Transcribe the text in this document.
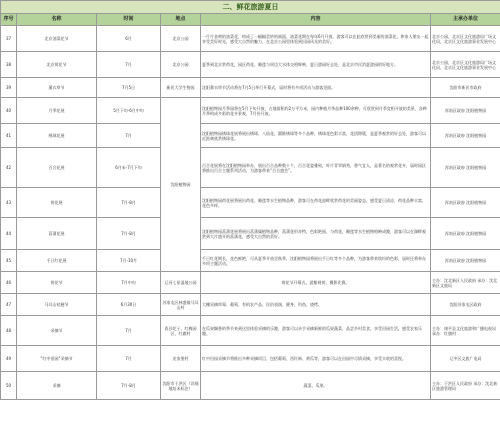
二、鲜花旅游夏日					
序号	名称	时间	地点	内容	主承办单位
37	北京油菜花节	6月	北京公园	一片片金黄的油菜花，构成了一幅幅美妙的画面，油菜花期在每年6月开放，游客可以在此欣赏到美丽的油菜花，和家人朋友一起享受美好时光，感受大自然的魅力，在北京公园里体验到田园风光的美好。	北京公园，北京区文化旅游局广场文化局，北京区文化旅游事业发展中心
38	北京荷花节	7月	北京公园	夏季到北京赏荷花，园区荷花、睡莲与周边大水体交相辉映，夏日游园好去处，是北京市民消夏游园的好地方。	北京公园，北京区文化旅游局广场文化局，北京区文化旅游事业发展中心
39	薰衣草节	7月5日	新民大学生物园	沈阳薰衣草节活动将在7月5日举行开幕式，届时将有多项活动与游客见面。	沈阳市新民市政府
40	月季花展	5月下旬-6月中旬	沈阳植物园	沈阳植物园月季园将在5月下旬开放，占地面积约2万平方米，园内种植月季品种100余种，可欣赏到月季竞相开放的美景，各种月季构成多彩的花卉景观，7月份开放。	浑南区政府 沈阳植物园
41	绣球花展	7月		沈阳植物园绣球花展将展出绣球、八仙花、圆锥绣球等多个品种，绣球花色彩丰富，花团锦簇，是夏季观赏的好去处，游客可以近距离欣赏绣球花。	浑南区政府 沈阳植物园
42	百合花展	6月末-7月下旬		百合花展将在沈阳植物园举办，展出百合品种数十个，百合花姿雅致，叶片青翠娟秀，香气宜人，是著名的观赏花卉，届时园区将推出百合主题系列活动，为游客带来“百合盛会”。	浑南区政府 沈阳植物园
43	荷花展	7月-8月		沈阳植物园荷花展将展出荷花、睡莲等水生植物品种，游客可在荷花池畔欣赏荷花的美丽姿态，感受夏日清凉，荷花品种丰富，花色多样。	浑南区政府 沈阳植物园
44	菖蒲花展	7月-8月		沈阳植物园菖蒲花展将展出菖蒲属植物品种，菖蒲花形奇特，色彩艳丽，与荷花、睡莲等水生植物相映成趣，游客可以在湖畔观赏到大片盛开的菖蒲花，感受大自然的美好。	浑南区政府 沈阳植物园
45	千日红花展	7月-10月		千日红花期长，花色鲜艳，可从夏季开放至秋季，沈阳植物园将展出千日红等多个品种，为游客带来缤纷的色彩，届时还将举办多项主题活动。	浑南区政府 沈阳植物园
46	荷花节	7月中旬	辽河七星湿地公园	荷花节开幕式、游船观荷、摄影比赛。	主办：沈北新区人民政府 承办：沈北新区文旅局
47	马耳山桔梗节	6月30日	苏家屯区林盛镇马耳山村	大棚采摘草莓、葡萄、有机农产品、民俗表演、健身、钓鱼、烧烤。	沈阳苏家屯区政府
48	采摘节	7月	西沙坨子、红梅园区、红旗村	在瓜果飘香的季节来到这里体验采摘的乐趣，游客可以亲手采摘新鲜的瓜果蔬菜，品尝乡村美食，享受田园生活，感受农家乐趣。	主办：康平县文化旅游和广播电视局 承办：红旗村
49	“红中田园”采摘节	7月	皮家堡村	红中田园采摘节将推出多种采摘项目，包括葡萄、西红柿、黄瓜等，游客可以在田园中尽情采摘，享受丰收的喜悦。	辽中区文旅广电局
50	采摘	7月-8月	沈阳市于洪区（详细地址未标注）	蔬菜、瓜果。	主办：于洪区人民政府 承办：沈北新区旅游管理局
